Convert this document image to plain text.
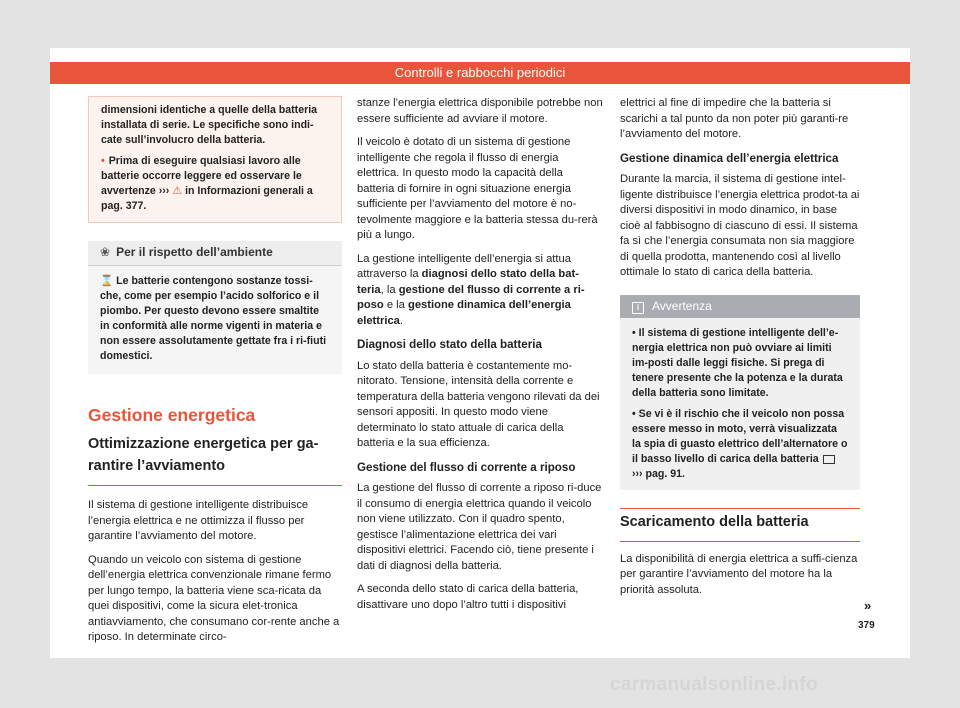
Controlli e rabbocchi periodici

dimensioni identiche a quelle della batteria installata di serie. Le specifiche sono indi-cate sull’involucro della batteria.

• Prima di eseguire qualsiasi lavoro alle batterie occorre leggere ed osservare le avvertenze ››› ⚠ in Informazioni generali a pag. 377.

❀ Per il rispetto dell’ambiente
⌛ Le batterie contengono sostanze tossi-che, come per esempio l’acido solforico e il piombo. Per questo devono essere smaltite in conformità alle norme vigenti in materia e non essere assolutamente gettate fra i ri-fiuti domestici.
Gestione energetica
Ottimizzazione energetica per ga-rantire l’avviamento

Il sistema di gestione intelligente distribuisce l’energia elettrica e ne ottimizza il flusso per garantire l’avviamento del motore.

Quando un veicolo con sistema di gestione dell’energia elettrica convenzionale rimane fermo per lungo tempo, la batteria viene sca-ricata da quei dispositivi, come la sicura elet-tronica antiavviamento, che consumano cor-rente anche a riposo. In determinate circo-

stanze l’energia elettrica disponibile potrebbe non essere sufficiente ad avviare il motore.

Il veicolo è dotato di un sistema di gestione intelligente che regola il flusso di energia elettrica. In questo modo la capacità della batteria di fornire in ogni situazione energia sufficiente per l’avviamento del motore è no-tevolmente maggiore e la batteria stessa du-rerà più a lungo.

La gestione intelligente dell’energia si attua attraverso la diagnosi dello stato della bat-teria, la gestione del flusso di corrente a ri-poso e la gestione dinamica dell’energia elettrica.

Diagnosi dello stato della batteria

Lo stato della batteria è costantemente mo-nitorato. Tensione, intensità della corrente e temperatura della batteria vengono rilevati da dei sensori appositi. In questo modo viene determinato lo stato attuale di carica della batteria e la sua efficienza.

Gestione del flusso di corrente a riposo

La gestione del flusso di corrente a riposo ri-duce il consumo di energia elettrica quando il veicolo non viene utilizzato. Con il quadro spento, gestisce l’alimentazione elettrica dei vari dispositivi elettrici. Facendo ciò, tiene presente i dati di diagnosi della batteria.

A seconda dello stato di carica della batteria, disattivare uno dopo l’altro tutti i dispositivi

elettrici al fine di impedire che la batteria si scarichi a tal punto da non poter più garanti-re l’avviamento del motore.

Gestione dinamica dell’energia elettrica

Durante la marcia, il sistema di gestione intel-ligente distribuisce l’energia elettrica prodot-ta ai diversi dispositivi in modo dinamico, in base cioè al fabbisogno di ciascuno di essi. Il sistema fa sì che l’energia consumata non sia maggiore di quella prodotta, mantenendo così al livello ottimale lo stato di carica della batteria.

i Avvertenza

• Il sistema di gestione intelligente dell’e-nergia elettrica non può ovviare ai limiti im-posti dalle leggi fisiche. Si prega di tenere presente che la potenza e la durata della batteria sono limitate.

• Se vi è il rischio che il veicolo non possa essere messo in moto, verrà visualizzata la spia di guasto elettrico dell’alternatore o il basso livello di carica della batteria
››› pag. 91.

Scaricamento della batteria

La disponibilità di energia elettrica a suffi-cienza per garantire l’avviamento del motore ha la priorità assoluta.

»
379
carmanualsonline.info
